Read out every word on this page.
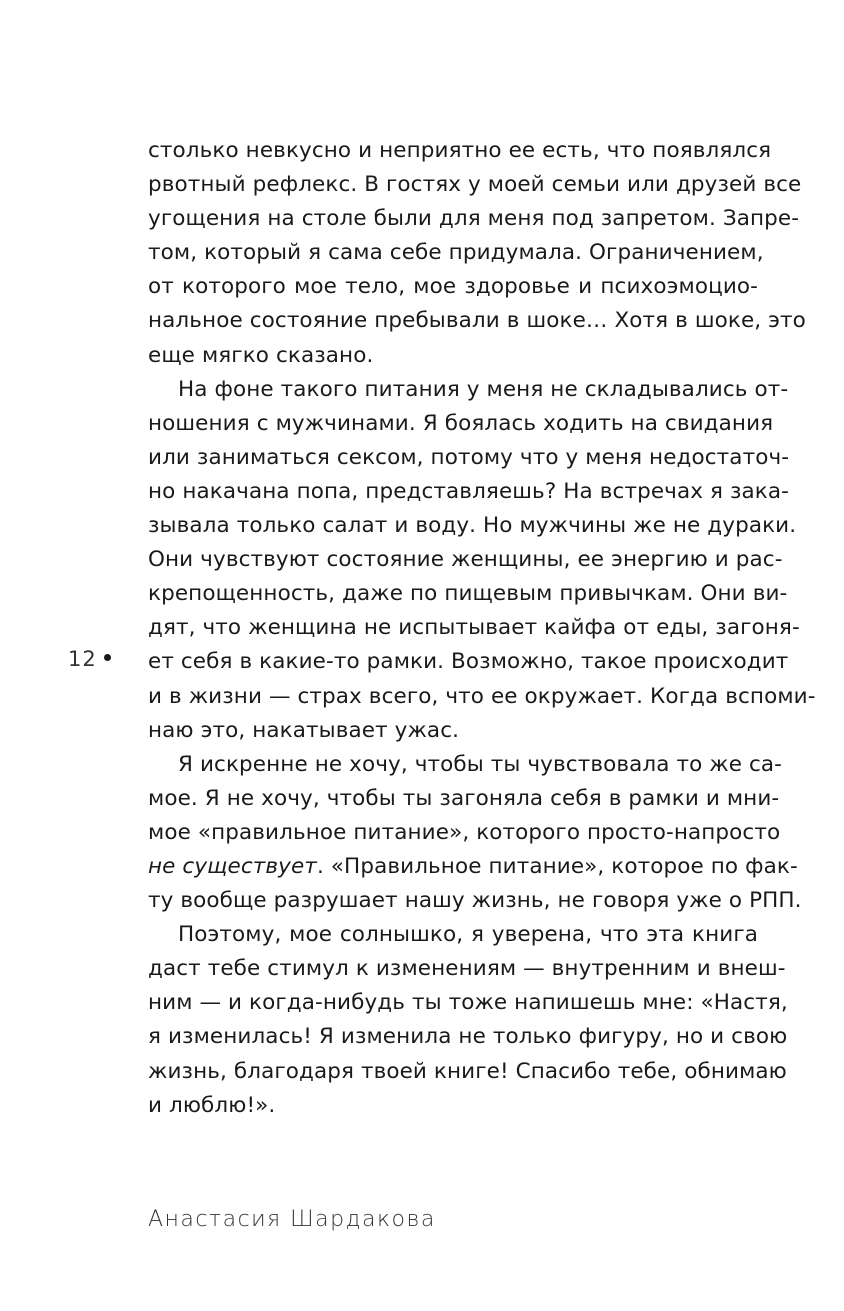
столько невкусно и неприятно ее есть, что появлялся
рвотный рефлекс. В гостях у моей семьи или друзей все
угощения на столе были для меня под запретом. Запре-
том, который я сама себе придумала. Ограничением,
от которого мое тело, мое здоровье и психоэмоцио-
нальное состояние пребывали в шоке… Хотя в шоке, это
еще мягко сказано.
На фоне такого питания у меня не складывались от-
ношения с мужчинами. Я боялась ходить на свидания
или заниматься сексом, потому что у меня недостаточ-
но накачана попа, представляешь? На встречах я зака-
зывала только салат и воду. Но мужчины же не дураки.
Они чувствуют состояние женщины, ее энергию и рас-
крепощенность, даже по пищевым привычкам. Они ви-
дят, что женщина не испытывает кайфа от еды, загоня-
ет себя в какие-то рамки. Возможно, такое происходит
и в жизни — страх всего, что ее окружает. Когда вспоми-
наю это, накатывает ужас.
Я искренне не хочу, чтобы ты чувствовала то же са-
мое. Я не хочу, чтобы ты загоняла себя в рамки и мни-
мое «правильное питание», которого просто-напросто
не существует. «Правильное питание», которое по фак-
ту вообще разрушает нашу жизнь, не говоря уже о РПП.
Поэтому, мое солнышко, я уверена, что эта книга
даст тебе стимул к изменениям — внутренним и внеш-
ним — и когда-нибудь ты тоже напишешь мне: «Настя,
я изменилась! Я изменила не только фигуру, но и свою
жизнь, благодаря твоей книге! Спасибо тебе, обнимаю
и люблю!».
12
Анастасия Шардакова
